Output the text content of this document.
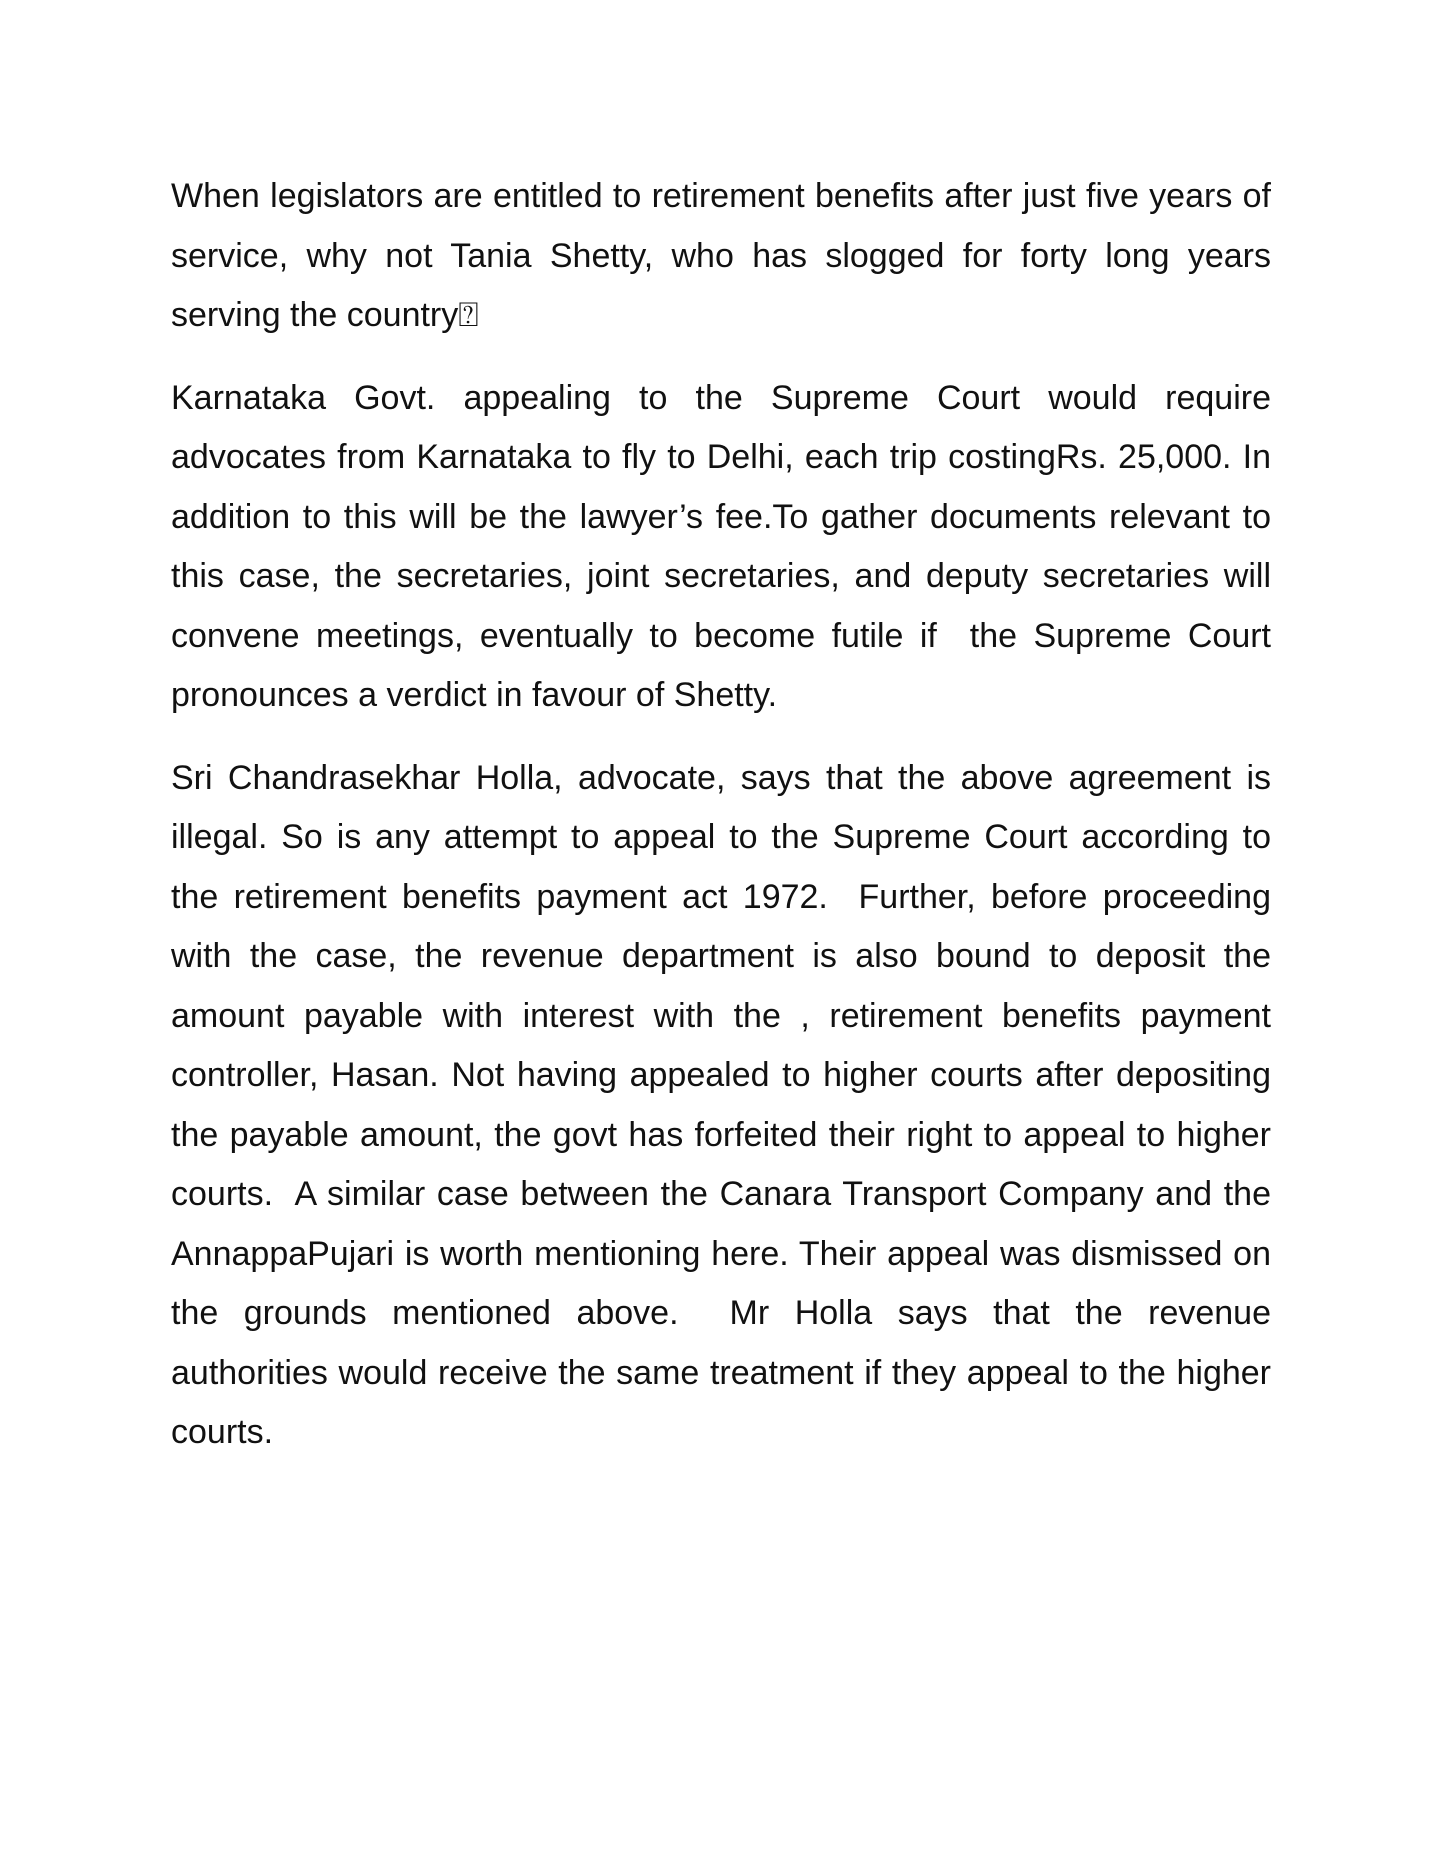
When legislators are entitled to retirement benefits after just five years of service, why not Tania Shetty, who has slogged for forty long years serving the country⍰

Karnataka Govt. appealing to the Supreme Court would require advocates from Karnataka to fly to Delhi, each trip costingRs. 25,000. In addition to this will be the lawyer’s fee.To gather documents relevant to this case, the secretaries, joint secretaries, and deputy secretaries will convene meetings, eventually to become futile if  the Supreme Court pronounces a verdict in favour of Shetty.

Sri Chandrasekhar Holla, advocate, says that the above agreement is illegal. So is any attempt to appeal to the Supreme Court according to the retirement benefits payment act 1972.  Further, before proceeding with the case, the revenue department is also bound to deposit the amount payable with interest with the , retirement benefits payment controller, Hasan. Not having appealed to higher courts after depositing the payable amount, the govt has forfeited their right to appeal to higher courts.  A similar case between the Canara Transport Company and the AnnappaPujari is worth mentioning here. Their appeal was dismissed on the grounds mentioned above.  Mr Holla says that the revenue authorities would receive the same treatment if they appeal to the higher courts.
